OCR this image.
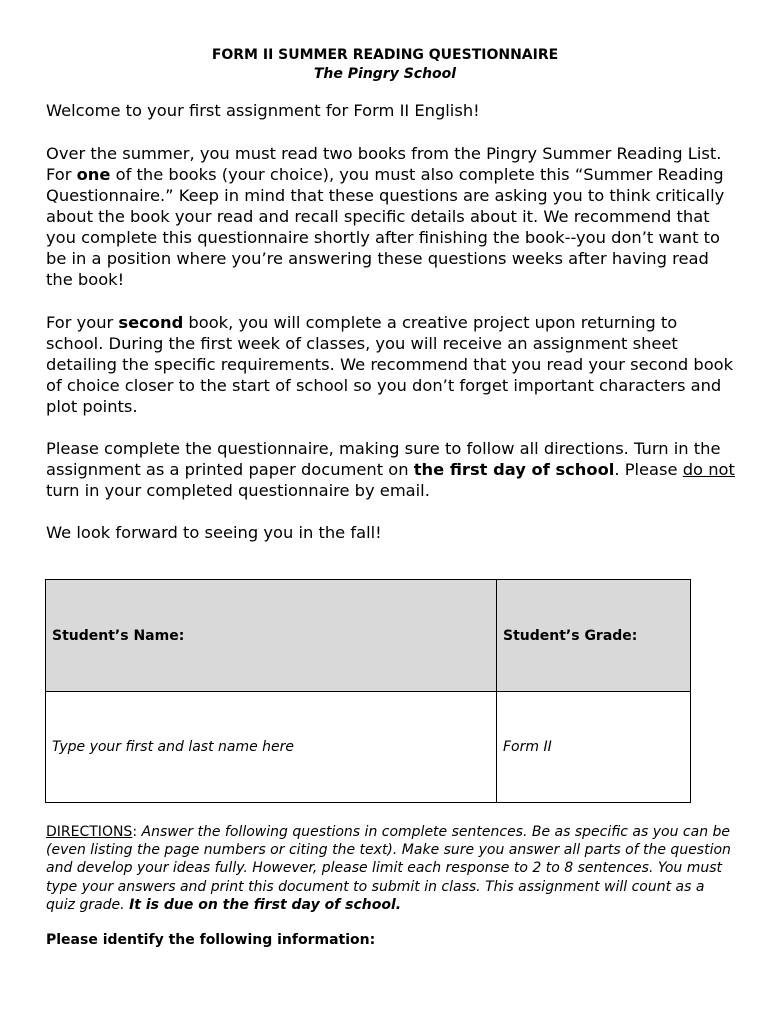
FORM II SUMMER READING QUESTIONNAIRE

The Pingry School

Welcome to your first assignment for Form II English!

Over the summer, you must read two books from the Pingry Summer Reading List. For one of the books (your choice), you must also complete this “Summer Reading Questionnaire.” Keep in mind that these questions are asking you to think critically about the book your read and recall specific details about it. We recommend that you complete this questionnaire shortly after finishing the book--you don’t want to be in a position where you’re answering these questions weeks after having read the book!

For your second book, you will complete a creative project upon returning to school. During the first week of classes, you will receive an assignment sheet detailing the specific requirements. We recommend that you read your second book of choice closer to the start of school so you don’t forget important characters and plot points.

Please complete the questionnaire, making sure to follow all directions. Turn in the assignment as a printed paper document on the first day of school. Please do not turn in your completed questionnaire by email.

We look forward to seeing you in the fall!

Student’s Name:	Student’s Grade:
Type your first and last name here	Form II
DIRECTIONS: Answer the following questions in complete sentences. Be as specific as you can be (even listing the page numbers or citing the text). Make sure you answer all parts of the question and develop your ideas fully. However, please limit each response to 2 to 8 sentences. You must type your answers and print this document to submit in class. This assignment will count as a quiz grade. It is due on the first day of school.
Please identify the following information:
